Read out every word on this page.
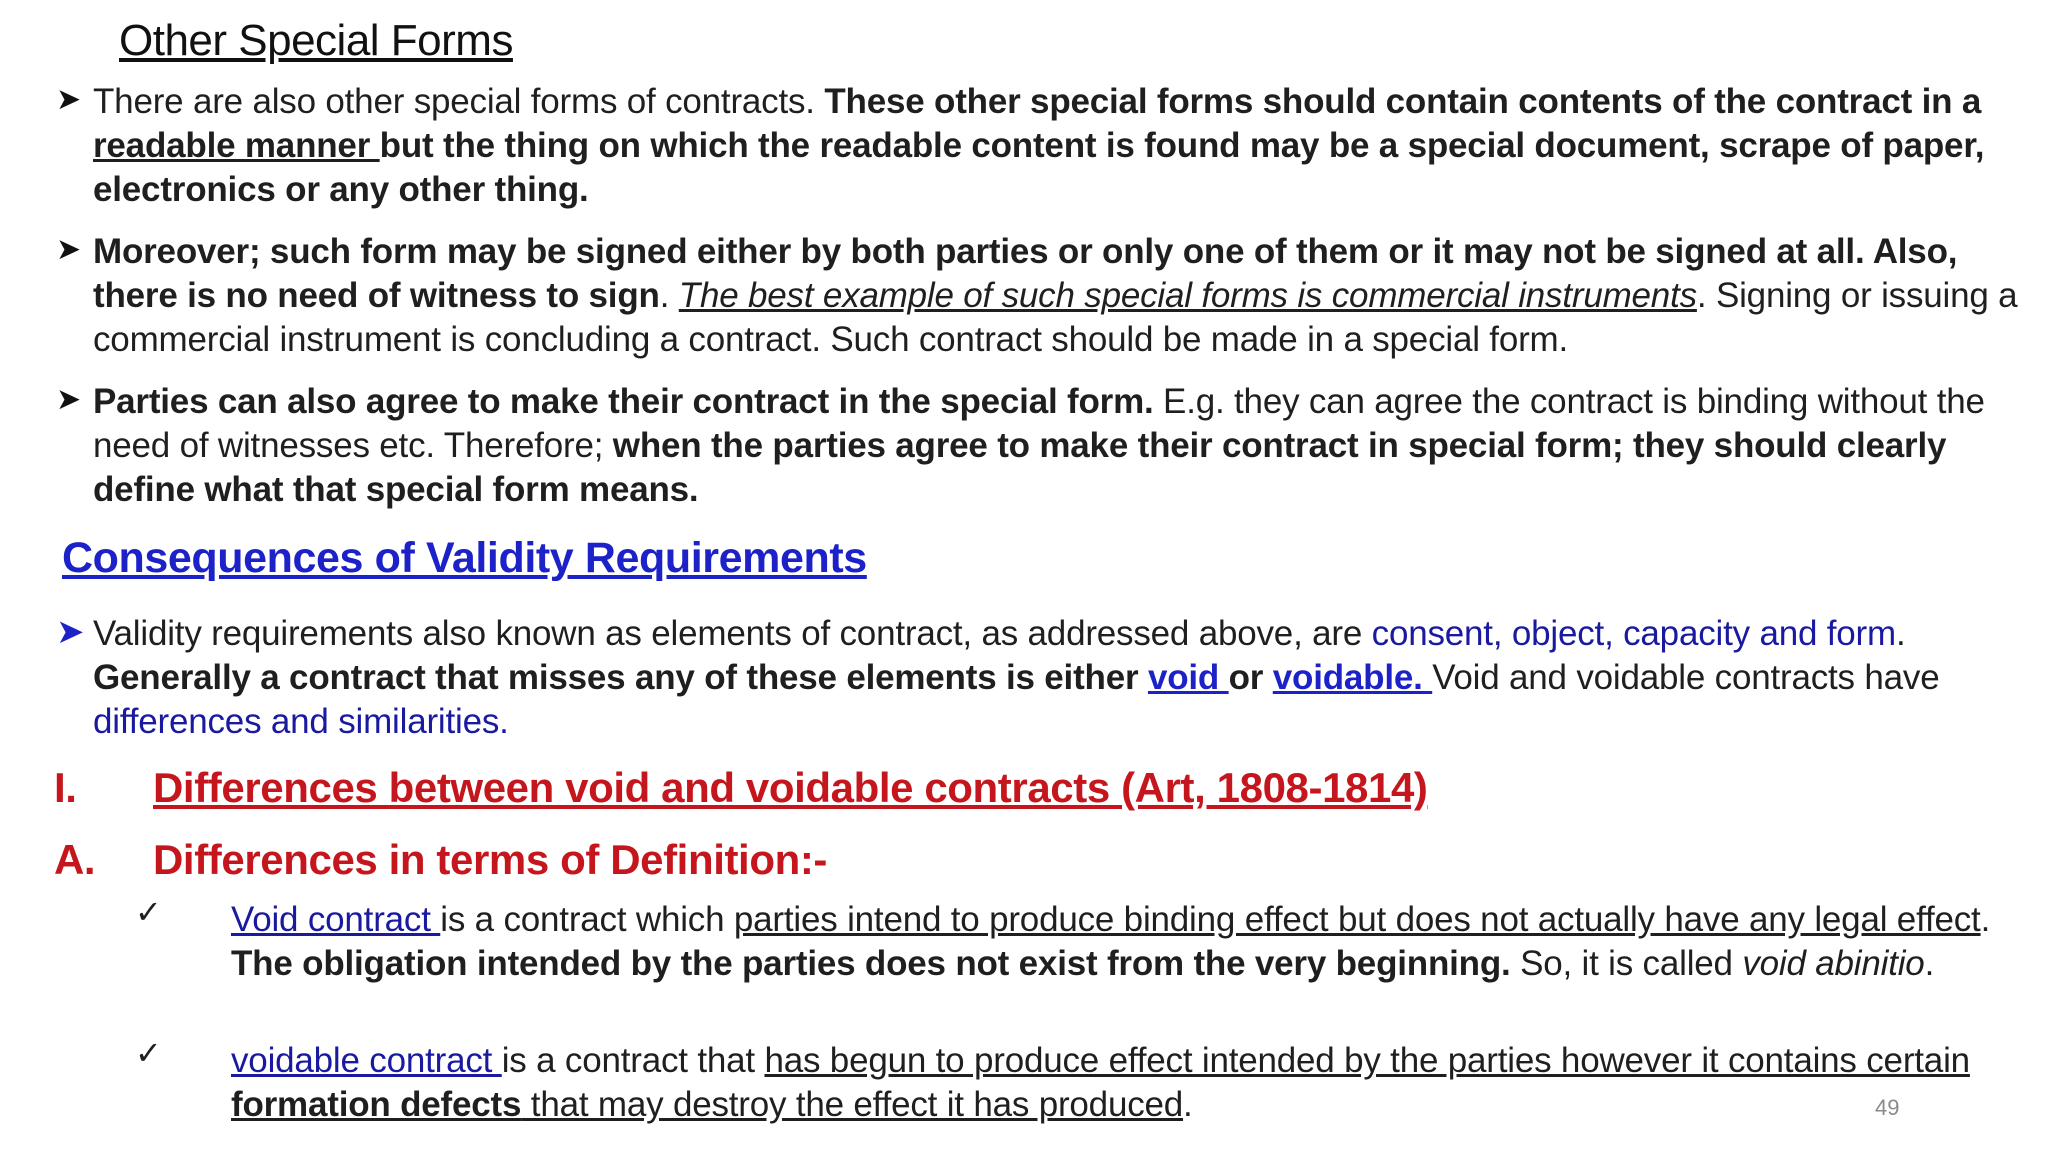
Other Special Forms
➤ There are also other special forms of contracts. These other special forms should contain contents of the contract in a readable manner but the thing on which the readable content is found may be a special document, scrape of paper, electronics or any other thing.
➤ Moreover; such form may be signed either by both parties or only one of them or it may not be signed at all. Also, there is no need of witness to sign. The best example of such special forms is commercial instruments. Signing or issuing a commercial instrument is concluding a contract. Such contract should be made in a special form.
➤ Parties can also agree to make their contract in the special form. E.g. they can agree the contract is binding without the need of witnesses etc. Therefore; when the parties agree to make their contract in special form; they should clearly define what that special form means.
Consequences of Validity Requirements
➤ Validity requirements also known as elements of contract, as addressed above, are consent, object, capacity and form. Generally a contract that misses any of these elements is either void or voidable. Void and voidable contracts have differences and similarities.
I. Differences between void and voidable contracts (Art, 1808-1814)
A. Differences in terms of Definition:-
✓ Void contract is a contract which parties intend to produce binding effect but does not actually have any legal effect. The obligation intended by the parties does not exist from the very beginning. So, it is called void abinitio.
✓ voidable contract is a contract that has begun to produce effect intended by the parties however it contains certain formation defects that may destroy the effect it has produced.	49
